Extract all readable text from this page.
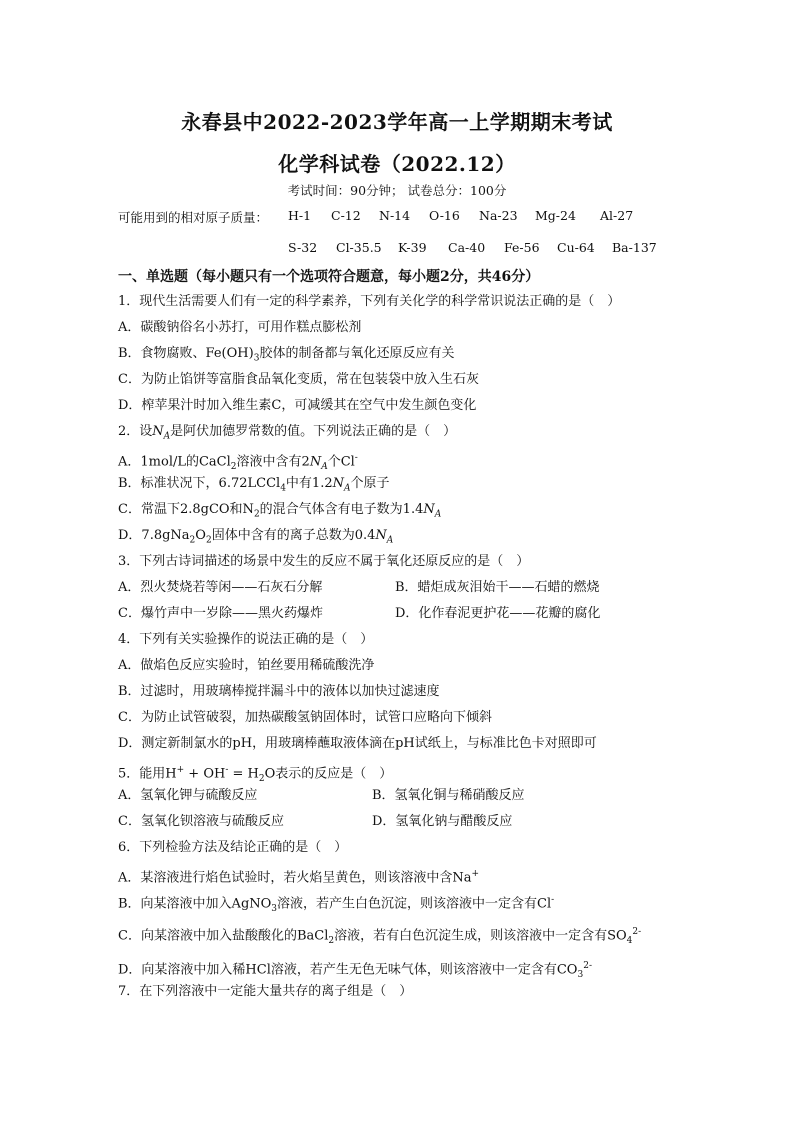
永春县中2022-2023学年高一上学期期末考试
化学科试卷（2022.12）
考试时间：90分钟； 试卷总分：100分
可能用到的相对原子质量： H-1 C-12 N-14 O-16 Na-23 Mg-24 Al-27
S-32 Cl-35.5 K-39 Ca-40 Fe-56 Cu-64 Ba-137
一、单选题（每小题只有一个选项符合题意，每小题2分，共46分）
1．现代生活需要人们有一定的科学素养，下列有关化学的科学常识说法正确的是（　）
A．碳酸钠俗名小苏打，可用作糕点膨松剂
B．食物腐败、$Fe(OH)_3$胶体的制备都与氧化还原反应有关
C．为防止馅饼等富脂食品氧化变质，常在包装袋中放入生石灰
D．榨苹果汁时加入维生素C，可减缓其在空气中发生颜色变化
2．设$N_A$是阿伏加德罗常数的值。下列说法正确的是（　）
A．1mol/L的CaCl$_2$溶液中含有$2N_A$个Cl-
B．标准状况下，6.72LCCl$_4$中有$1.2N_A$个原子
C．常温下2.8gCO和$N_2$的混合气体含有电子数为$1.4N_A$
D．$7.8gNa_2O_2$固体中含有的离子总数为$0.4N_A$
3．下列古诗词描述的场景中发生的反应不属于氧化还原反应的是（　）
A．烈火焚烧若等闲——石灰石分解	B．蜡炬成灰泪始干——石蜡的燃烧
C．爆竹声中一岁除——黑火药爆炸	D．化作春泥更护花——花瓣的腐化
4．下列有关实验操作的说法正确的是（　）
A．做焰色反应实验时，铂丝要用稀硫酸洗净
B．过滤时，用玻璃棒搅拌漏斗中的液体以加快过滤速度
C．为防止试管破裂，加热碳酸氢钠固体时，试管口应略向下倾斜
D．测定新制氯水的pH，用玻璃棒蘸取液体滴在pH试纸上，与标准比色卡对照即可
5．能用$H^+ + OH^- = H_2O$表示的反应是（　）
A．氢氧化钾与硫酸反应	B．氢氧化铜与稀硝酸反应
C．氢氧化钡溶液与硫酸反应	D．氢氧化钠与醋酸反应
6．下列检验方法及结论正确的是（　）
A．某溶液进行焰色试验时，若火焰呈黄色，则该溶液中含Na+
B．向某溶液中加入AgNO$_3$溶液，若产生白色沉淀，则该溶液中一定含有Cl-
C．向某溶液中加入盐酸酸化的BaCl$_2$溶液，若有白色沉淀生成，则该溶液中一定含有$SO_4^{2-}$
D．向某溶液中加入稀HCl溶液，若产生无色无味气体，则该溶液中一定含有$CO_3^{2-}$
7．在下列溶液中一定能大量共存的离子组是（　）
